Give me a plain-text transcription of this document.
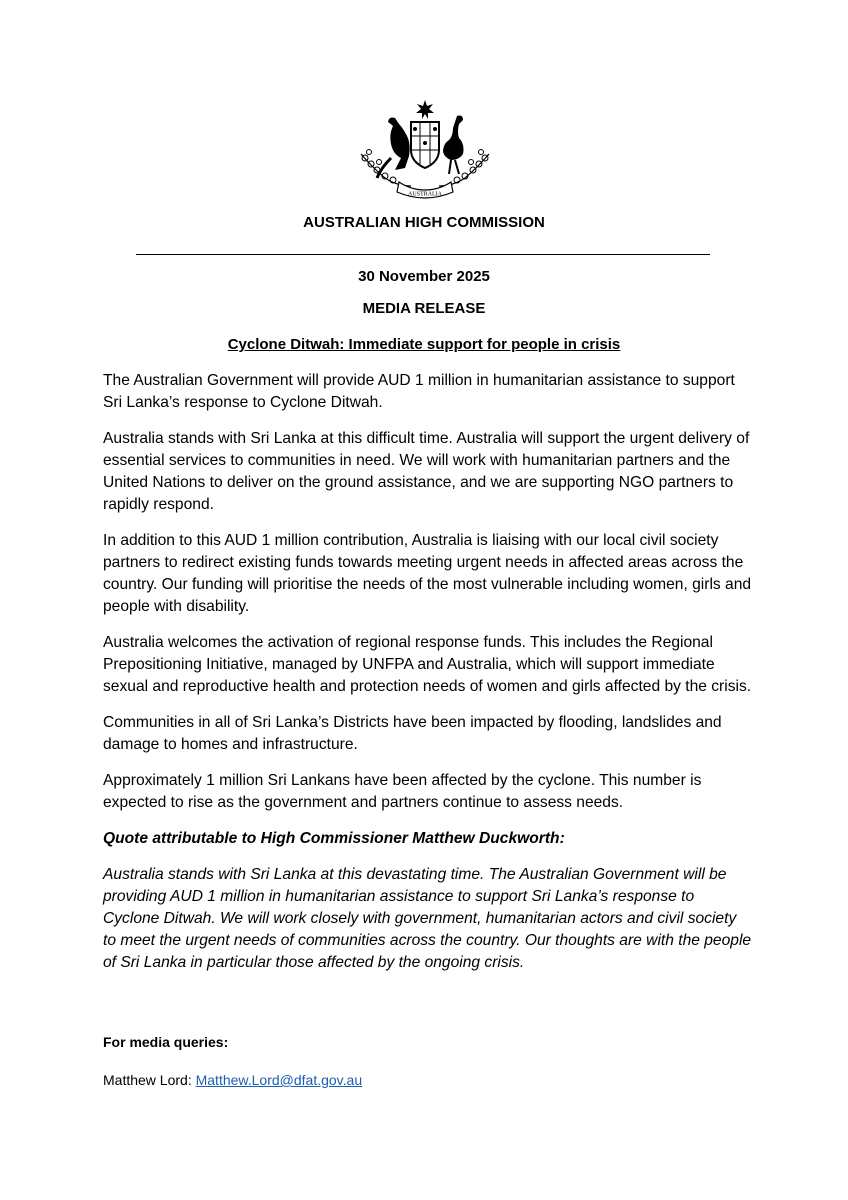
AUSTRALIA
AUSTRALIAN HIGH COMMISSION
30 November 2025
MEDIA RELEASE
Cyclone Ditwah: Immediate support for people in crisis

The Australian Government will provide AUD 1 million in humanitarian assistance to support Sri Lanka’s response to Cyclone Ditwah.

Australia stands with Sri Lanka at this difficult time. Australia will support the urgent delivery of essential services to communities in need. We will work with humanitarian partners and the United Nations to deliver on the ground assistance, and we are supporting NGO partners to rapidly respond.

In addition to this AUD 1 million contribution, Australia is liaising with our local civil society partners to redirect existing funds towards meeting urgent needs in affected areas across the country. Our funding will prioritise the needs of the most vulnerable including women, girls and people with disability.

Australia welcomes the activation of regional response funds. This includes the Regional Prepositioning Initiative, managed by UNFPA and Australia, which will support immediate sexual and reproductive health and protection needs of women and girls affected by the crisis.

Communities in all of Sri Lanka’s Districts have been impacted by flooding, landslides and damage to homes and infrastructure.

Approximately 1 million Sri Lankans have been affected by the cyclone. This number is expected to rise as the government and partners continue to assess needs.

Quote attributable to High Commissioner Matthew Duckworth:

Australia stands with Sri Lanka at this devastating time. The Australian Government will be providing AUD 1 million in humanitarian assistance to support Sri Lanka’s response to Cyclone Ditwah. We will work closely with government, humanitarian actors and civil society to meet the urgent needs of communities across the country. Our thoughts are with the people of Sri Lanka in particular those affected by the ongoing crisis.

For media queries:

Matthew Lord: Matthew.Lord@dfat.gov.au
